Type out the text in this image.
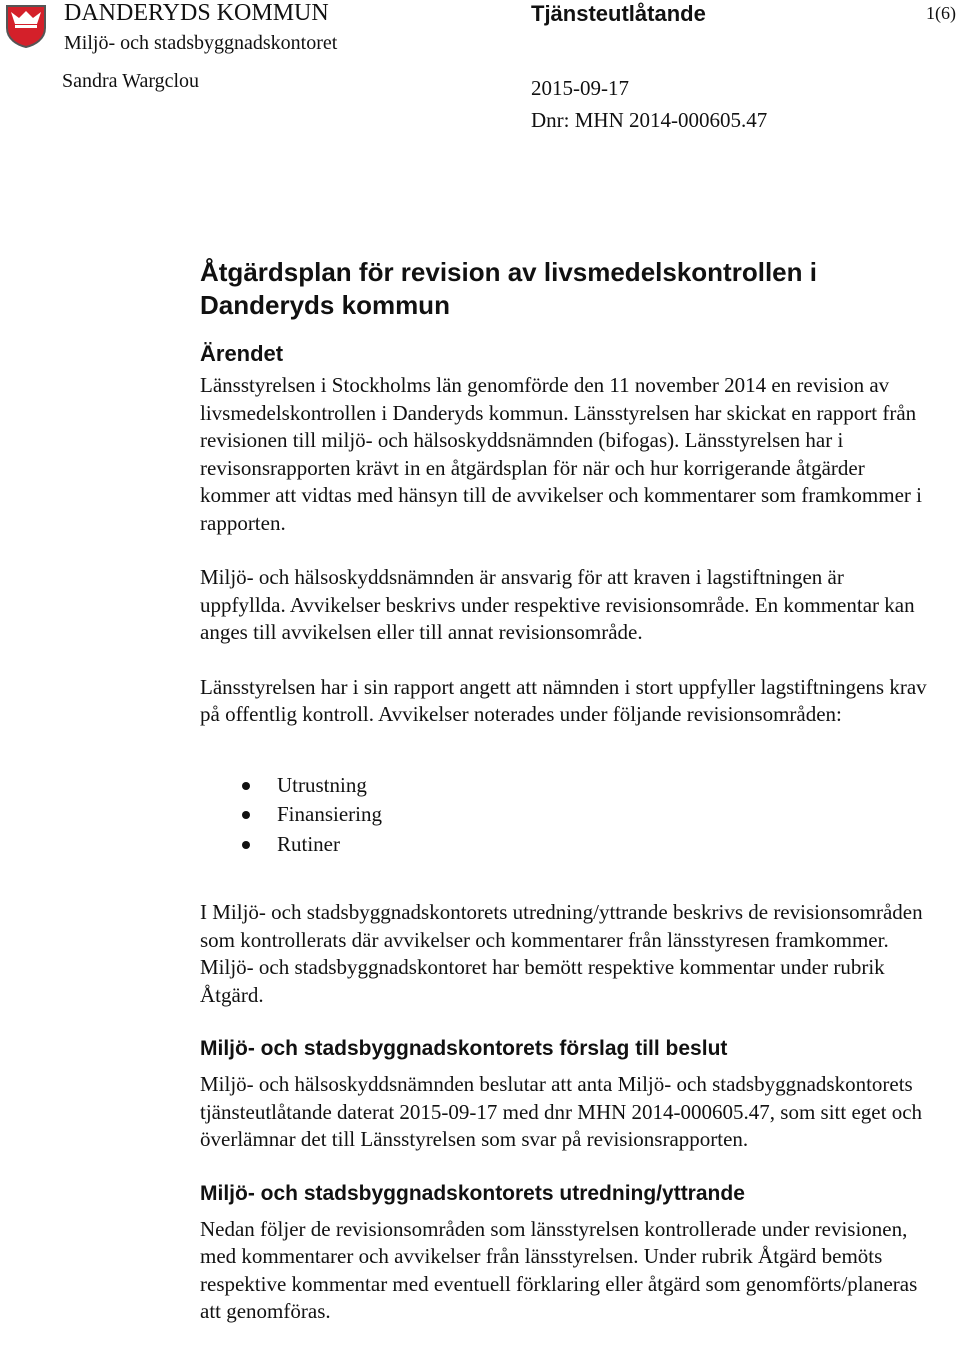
DANDERYDS KOMMUN
Miljö- och stadsbyggnadskontoret
Sandra Wargclou
Tjänsteutlåtande	1(6)
2015-09-17
Dnr: MHN 2014-000605.47
Åtgärdsplan för revision av livsmedelskontrollen i Danderyds kommun
Ärendet

Länsstyrelsen i Stockholms län genomförde den 11 november 2014 en revision av livsmedelskontrollen i Danderyds kommun. Länsstyrelsen har skickat en rapport från revisionen till miljö- och hälsoskyddsnämnden (bifogas). Länsstyrelsen har i revisonsrapporten krävt in en åtgärdsplan för när och hur korrigerande åtgärder kommer att vidtas med hänsyn till de avvikelser och kommentarer som framkommer i rapporten.

Miljö- och hälsoskyddsnämnden är ansvarig för att kraven i lagstiftningen är uppfyllda. Avvikelser beskrivs under respektive revisionsområde. En kommentar kan anges till avvikelsen eller till annat revisionsområde.

Länsstyrelsen har i sin rapport angett att nämnden i stort uppfyller lagstiftningens krav på offentlig kontroll. Avvikelser noterades under följande revisionsområden:

Utrustning
Finansiering
Rutiner

I Miljö- och stadsbyggnadskontorets utredning/yttrande beskrivs de revisionsområden som kontrollerats där avvikelser och kommentarer från länsstyresen framkommer. Miljö- och stadsbyggnadskontoret har bemött respektive kommentar under rubrik Åtgärd.

Miljö- och stadsbyggnadskontorets förslag till beslut

Miljö- och hälsoskyddsnämnden beslutar att anta Miljö- och stadsbyggnadskontorets tjänsteutlåtande daterat 2015-09-17 med dnr MHN 2014-000605.47, som sitt eget och överlämnar det till Länsstyrelsen som svar på revisionsrapporten.

Miljö- och stadsbyggnadskontorets utredning/yttrande

Nedan följer de revisionsområden som länsstyrelsen kontrollerade under revisionen, med kommentarer och avvikelser från länsstyrelsen. Under rubrik Åtgärd bemöts respektive kommentar med eventuell förklaring eller åtgärd som genomförts/planeras att genomföras.
